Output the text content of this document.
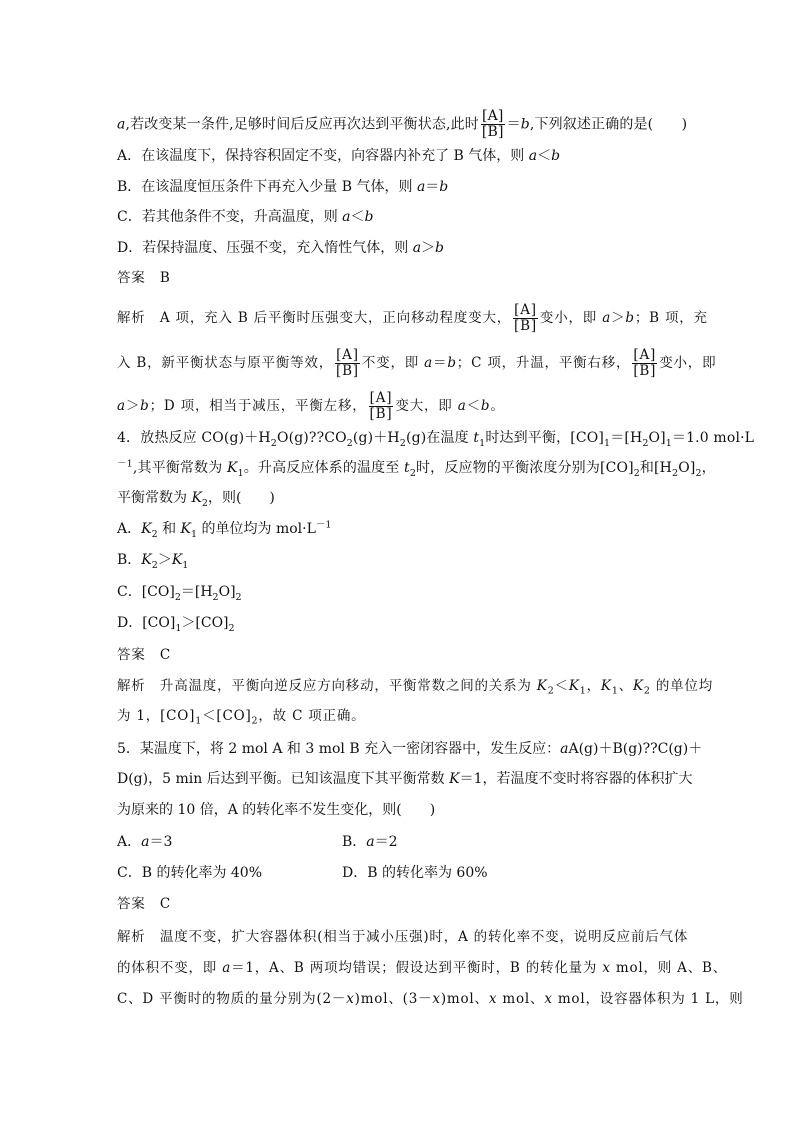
a,若改变某一条件,足够时间后反应再次达到平衡状态,此时 $\frac{[A]}{[B]} =b$,下列叙述正确的是(　　)
A．在该温度下，保持容积固定不变，向容器内补充了 B 气体，则 a＜b
B．在该温度恒压条件下再充入少量 B 气体，则 a＝b
C．若其他条件不变，升高温度，则 a＜b
D．若保持温度、压强不变，充入惰性气体，则 a＞b
答案　B
解析　A 项，充入 B 后平衡时压强变大，正向移动程度变大， $\frac{[A]}{[B]}$ 变小，即 a＞b；B 项，充
入 B，新平衡状态与原平衡等效， $\frac{[A]}{[B]}$ 不变，即 a＝b；C 项，升温，平衡右移， $\frac{[A]}{[B]}$ 变小，即
a＞b；D 项，相当于减压，平衡左移， $\frac{[A]}{[B]}$ 变大，即 a＜b。
4．放热反应 $CO(g)+H_2O(g)??CO_2(g)+H_2(g)$在温度 $t_1$时达到平衡，$[CO]_1=[H_2O]_1=1.0$ mol·L
$^{-1}$,其平衡常数为 $K_1$。升高反应体系的温度至 $t_2$时，反应物的平衡浓度分别为$[CO]_2$和$[H_2O]_2$，
平衡常数为 $K_2$，则(　　)
A．$K_2$ 和 $K_1$ 的单位均为 $mol\cdot L^{-1}$
B．$K_2>K_1$
C．$[CO]_2=[H_2O]_2$
D．$[CO]_1>[CO]_2$
答案　C
解析　升高温度，平衡向逆反应方向移动，平衡常数之间的关系为 $K_2<K_1$，$K_1$、$K_2$ 的单位均
为 1，$[CO]_1<[CO]_2$，故 C 项正确。
5．某温度下，将 2 mol A 和 3 mol B 充入一密闭容器中，发生反应：aA(g)＋B(g)??C(g)＋
D(g)，5 min 后达到平衡。已知该温度下其平衡常数 K＝1，若温度不变时将容器的体积扩大
为原来的 10 倍，A 的转化率不发生变化，则(　　)
A．a＝3	B．a＝2
C．B 的转化率为 40%	D．B 的转化率为 60%
答案　C
解析　温度不变，扩大容器体积(相当于减小压强)时，A 的转化率不变，说明反应前后气体
的体积不变，即 a＝1，A、B 两项均错误；假设达到平衡时，B 的转化量为 x mol，则 A、B、
C、D 平衡时的物质的量分别为(2－x)mol、(3－x)mol、x mol、x mol，设容器体积为 1 L，则
